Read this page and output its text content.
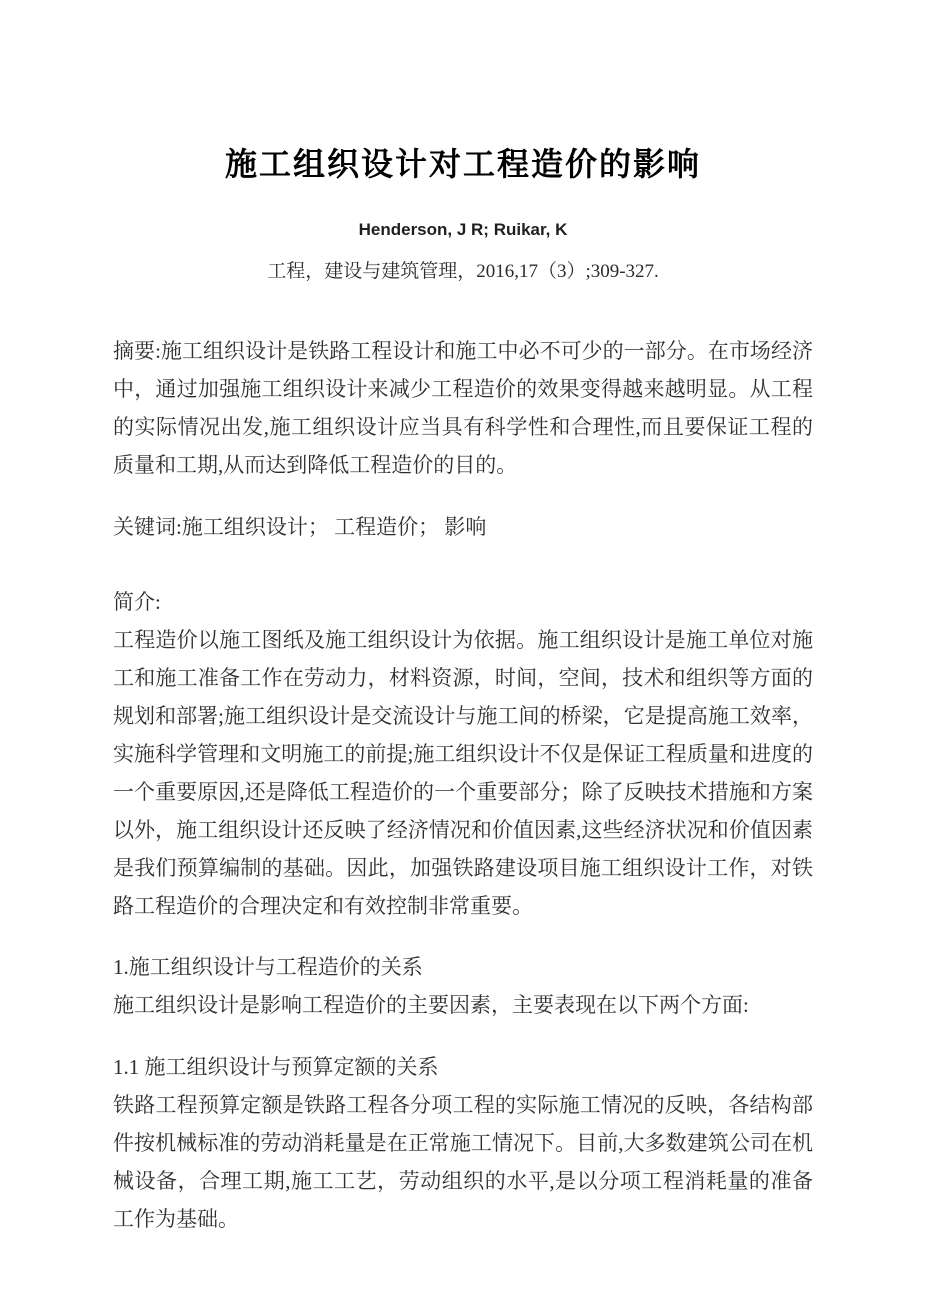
施工组织设计对工程造价的影响
Henderson, J R; Ruikar, K
工程，建设与建筑管理，2016,17（3）;309-327.

摘要:施工组织设计是铁路工程设计和施工中必不可少的一部分。在市场经济中，通过加强施工组织设计来减少工程造价的效果变得越来越明显。从工程的实际情况出发,施工组织设计应当具有科学性和合理性,而且要保证工程的质量和工期,从而达到降低工程造价的目的。

关键词:施工组织设计； 工程造价； 影响

简介:

工程造价以施工图纸及施工组织设计为依据。施工组织设计是施工单位对施工和施工准备工作在劳动力，材料资源，时间，空间，技术和组织等方面的规划和部署;施工组织设计是交流设计与施工间的桥梁，它是提高施工效率，实施科学管理和文明施工的前提;施工组织设计不仅是保证工程质量和进度的一个重要原因,还是降低工程造价的一个重要部分；除了反映技术措施和方案以外，施工组织设计还反映了经济情况和价值因素,这些经济状况和价值因素是我们预算编制的基础。因此，加强铁路建设项目施工组织设计工作，对铁路工程造价的合理决定和有效控制非常重要。

1.施工组织设计与工程造价的关系

施工组织设计是影响工程造价的主要因素，主要表现在以下两个方面:

1.1 施工组织设计与预算定额的关系

铁路工程预算定额是铁路工程各分项工程的实际施工情况的反映，各结构部件按机械标准的劳动消耗量是在正常施工情况下。目前,大多数建筑公司在机械设备，合理工期,施工工艺，劳动组织的水平,是以分项工程消耗量的准备工作为基础。
